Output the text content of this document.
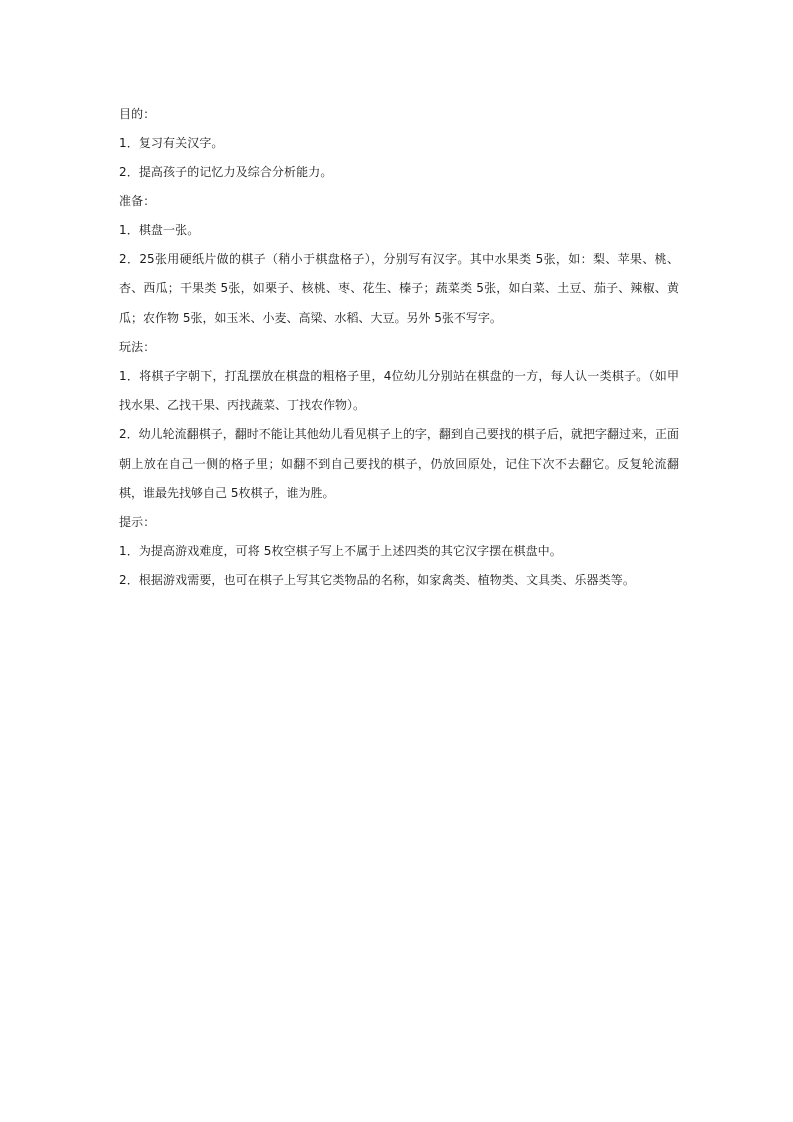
目的：
1．复习有关汉字。
2．提高孩子的记忆力及综合分析能力。
准备：
1．棋盘一张。
2．25张用硬纸片做的棋子（稍小于棋盘格子），分别写有汉字。其中水果类 5张，如：梨、苹果、桃、杏、西瓜；干果类 5张，如栗子、核桃、枣、花生、榛子；蔬菜类 5张，如白菜、土豆、茄子、辣椒、黄瓜；农作物 5张，如玉米、小麦、高梁、水稻、大豆。另外 5张不写字。
玩法：
1．将棋子字朝下，打乱摆放在棋盘的粗格子里，4位幼儿分别站在棋盘的一方，每人认一类棋子。（如甲找水果、乙找干果、丙找蔬菜、丁找农作物）。
2．幼儿轮流翻棋子，翻时不能让其他幼儿看见棋子上的字，翻到自己要找的棋子后，就把字翻过来，正面朝上放在自己一侧的格子里；如翻不到自己要找的棋子，仍放回原处，记住下次不去翻它。反复轮流翻棋，谁最先找够自己 5枚棋子，谁为胜。
提示：
1．为提高游戏难度，可将 5枚空棋子写上不属于上述四类的其它汉字摆在棋盘中。
2．根据游戏需要，也可在棋子上写其它类物品的名称，如家禽类、植物类、文具类、乐器类等。
